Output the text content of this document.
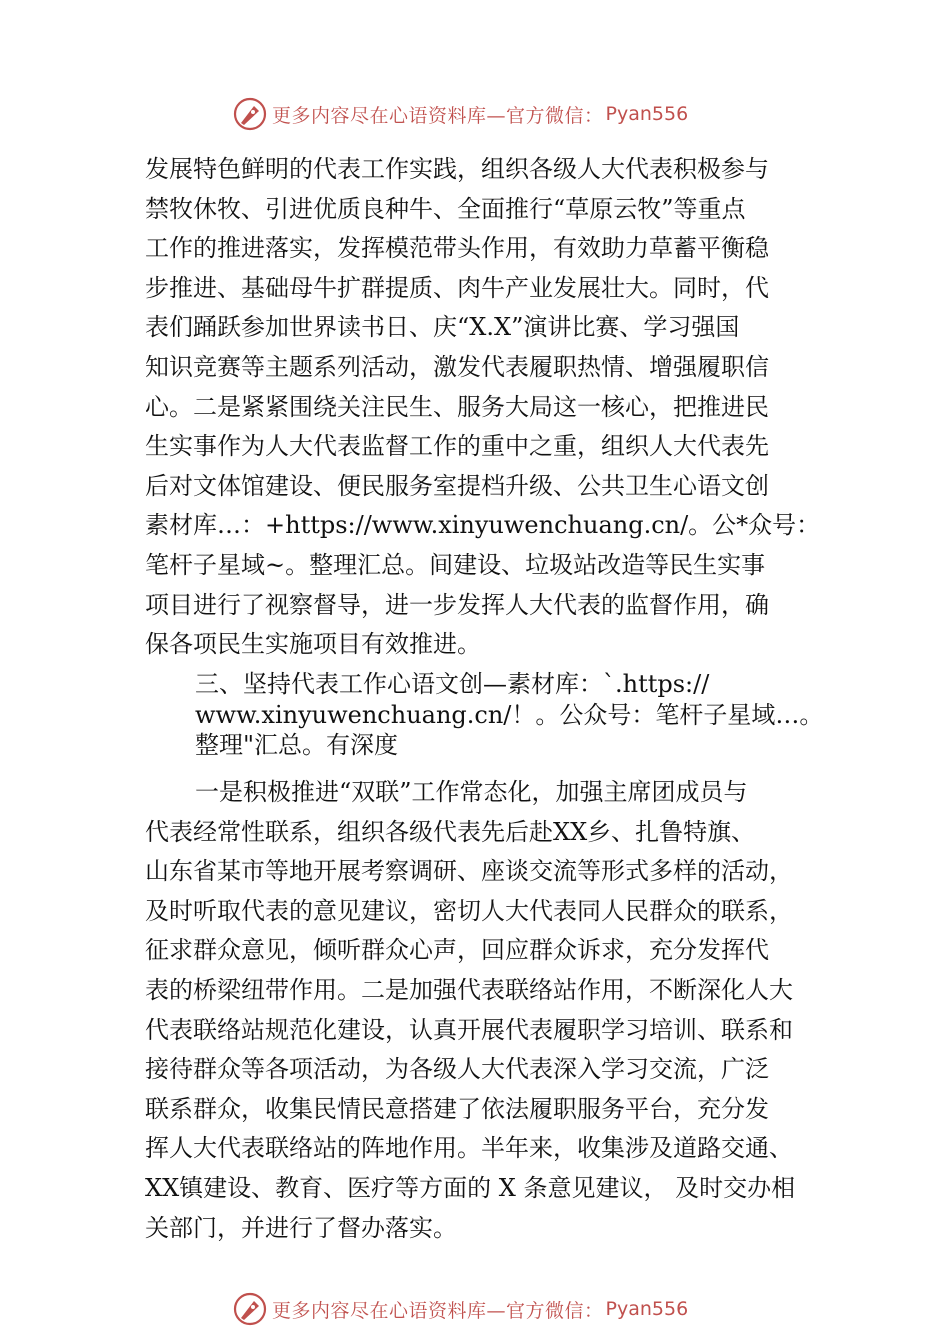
更多内容尽在心语资料库—官方微信： Pyan556
发展特色鲜明的代表工作实践，组织各级人大代表积极参与
禁牧休牧、引进优质良种牛、全面推行“草原云牧”等重点
工作的推进落实，发挥模范带头作用，有效助力草蓄平衡稳
步推进、基础母牛扩群提质、肉牛产业发展壮大。同时，代
表们踊跃参加世界读书日、庆“X.X”演讲比赛、学习强国
知识竞赛等主题系列活动，激发代表履职热情、增强履职信
心。二是紧紧围绕关注民生、服务大局这一核心，把推进民
生实事作为人大代表监督工作的重中之重，组织人大代表先
后对文体馆建设、便民服务室提档升级、公共卫生心语文创
素材库…：+https://www.xinyuwenchuang.cn/。公*众号：
笔杆子星域~。整理汇总。间建设、垃圾站改造等民生实事
项目进行了视察督导，进一步发挥人大代表的监督作用，确
保各项民生实施项目有效推进。
三、坚持代表工作心语文创—素材库：`.https://
www.xinyuwenchuang.cn/！。公众号：笔杆子星域…。
整理"汇总。有深度
一是积极推进“双联”工作常态化，加强主席团成员与
代表经常性联系，组织各级代表先后赴XX乡、扎鲁特旗、
山东省某市等地开展考察调研、座谈交流等形式多样的活动，
及时听取代表的意见建议，密切人大代表同人民群众的联系，
征求群众意见，倾听群众心声，回应群众诉求，充分发挥代
表的桥梁纽带作用。二是加强代表联络站作用，不断深化人大
代表联络站规范化建设，认真开展代表履职学习培训、联系和
接待群众等各项活动，为各级人大代表深入学习交流，广泛
联系群众，收集民情民意搭建了依法履职服务平台，充分发
挥人大代表联络站的阵地作用。半年来，收集涉及道路交通、
XX镇建设、教育、医疗等方面的 X 条意见建议， 及时交办相
关部门，并进行了督办落实。
更多内容尽在心语资料库—官方微信： Pyan556
